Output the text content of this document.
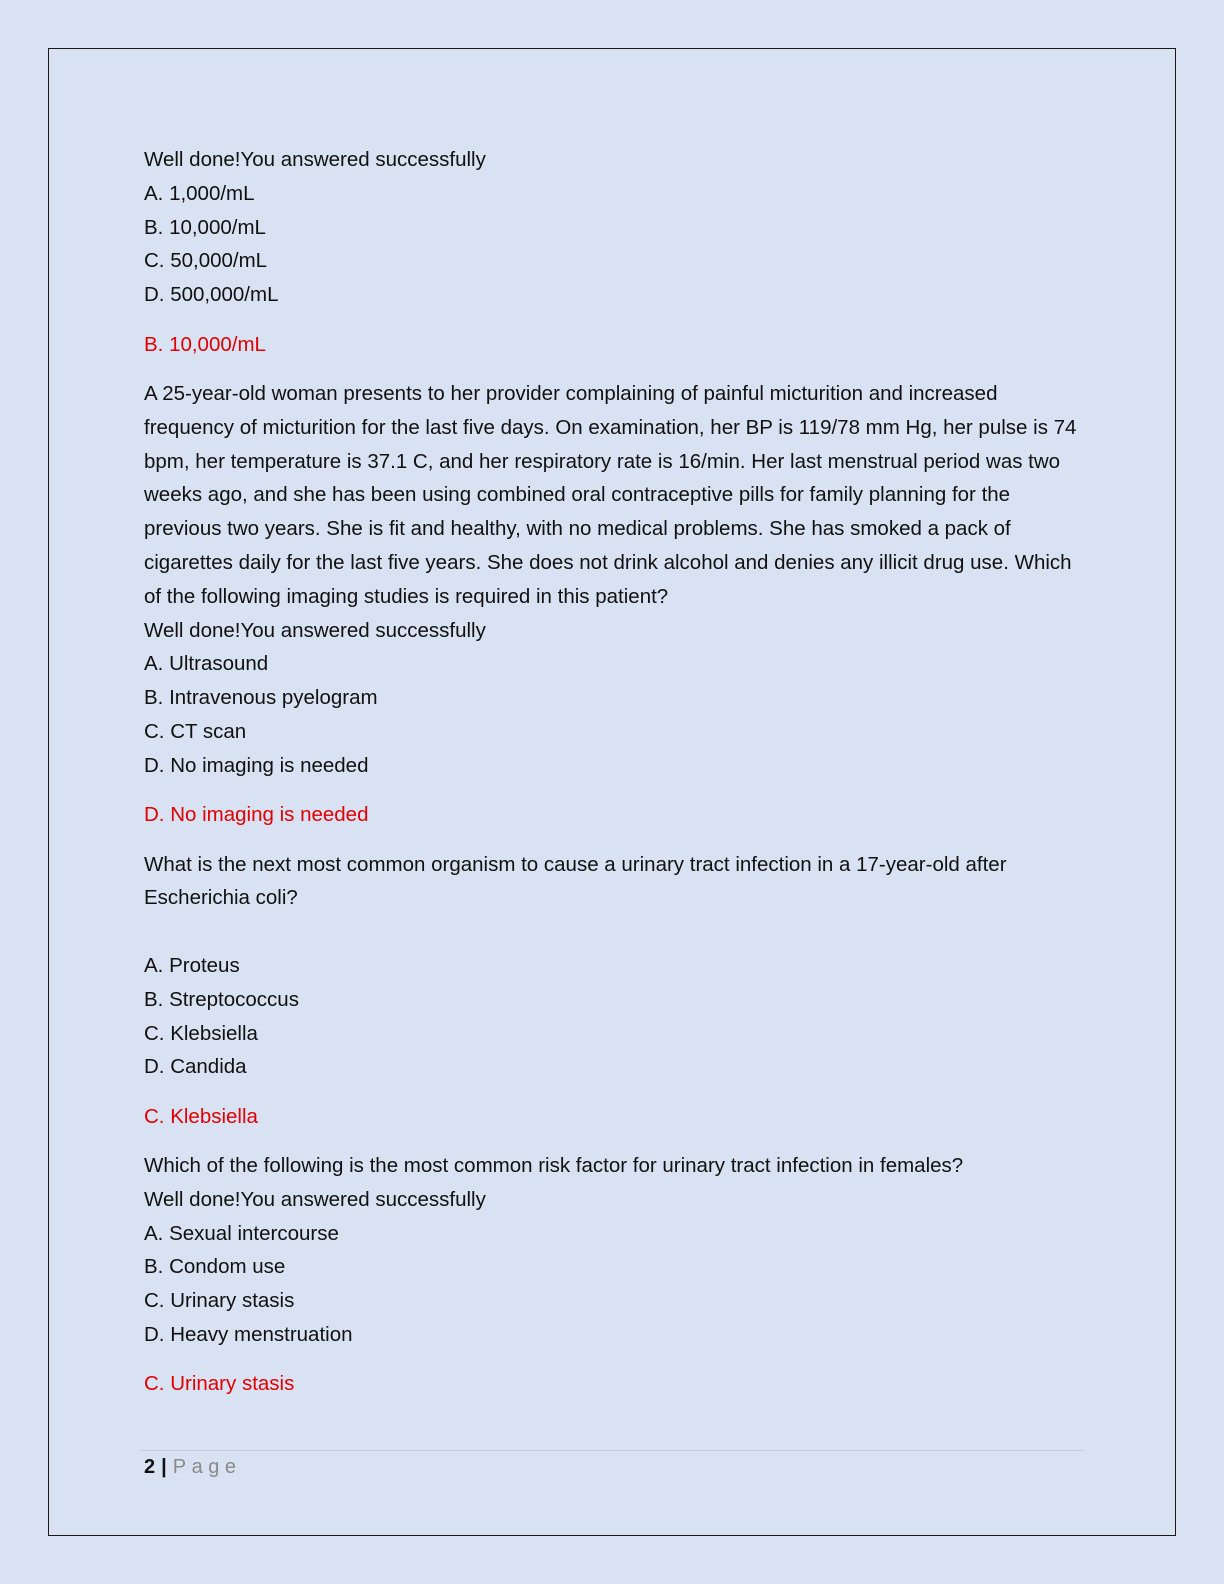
Well done!You answered successfully
A. 1,000/mL
B. 10,000/mL
C. 50,000/mL
D. 500,000/mL
B. 10,000/mL
A 25-year-old woman presents to her provider complaining of painful micturition and increased frequency of micturition for the last five days. On examination, her BP is 119/78 mm Hg, her pulse is 74 bpm, her temperature is 37.1 C, and her respiratory rate is 16/min. Her last menstrual period was two weeks ago, and she has been using combined oral contraceptive pills for family planning for the previous two years. She is fit and healthy, with no medical problems. She has smoked a pack of cigarettes daily for the last five years. She does not drink alcohol and denies any illicit drug use. Which of the following imaging studies is required in this patient?
Well done!You answered successfully
A. Ultrasound
B. Intravenous pyelogram
C. CT scan
D. No imaging is needed
D. No imaging is needed
What is the next most common organism to cause a urinary tract infection in a 17-year-old after Escherichia coli?
A. Proteus
B. Streptococcus
C. Klebsiella
D. Candida
C. Klebsiella
Which of the following is the most common risk factor for urinary tract infection in females?
Well done!You answered successfully
A. Sexual intercourse
B. Condom use
C. Urinary stasis
D. Heavy menstruation
C. Urinary stasis
2 | Page
